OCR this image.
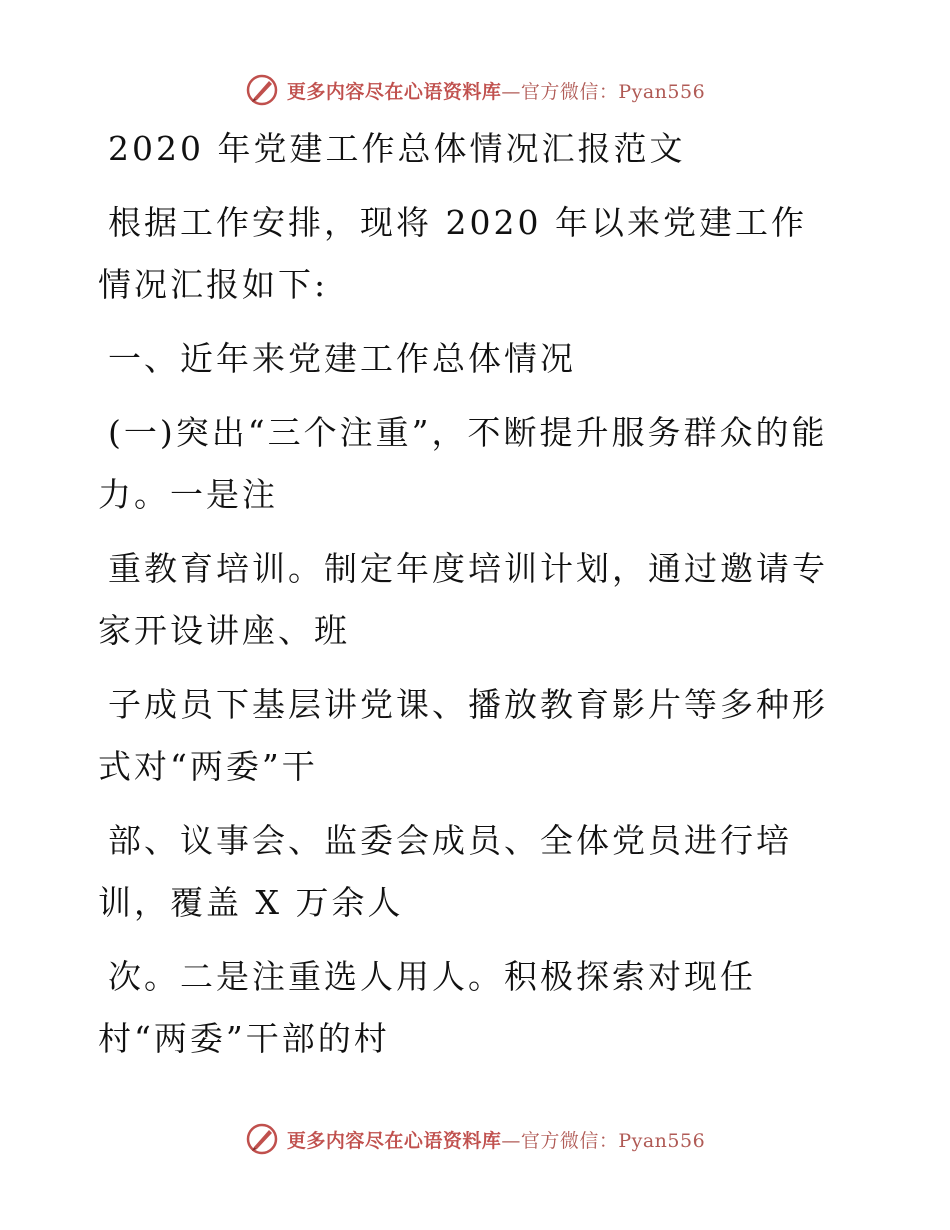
更多内容尽在心语资料库—官方微信：Pyan556

2020 年党建工作总体情况汇报范文

根据工作安排，现将 2020 年以来党建工作情况汇报如下:

一、近年来党建工作总体情况

(一)突出“三个注重”，不断提升服务群众的能力。一是注

重教育培训。制定年度培训计划，通过邀请专家开设讲座、班

子成员下基层讲党课、播放教育影片等多种形式对“两委”干

部、议事会、监委会成员、全体党员进行培训，覆盖 X 万余人

次。二是注重选人用人。积极探索对现任村“两委”干部的村

更多内容尽在心语资料库—官方微信：Pyan556
